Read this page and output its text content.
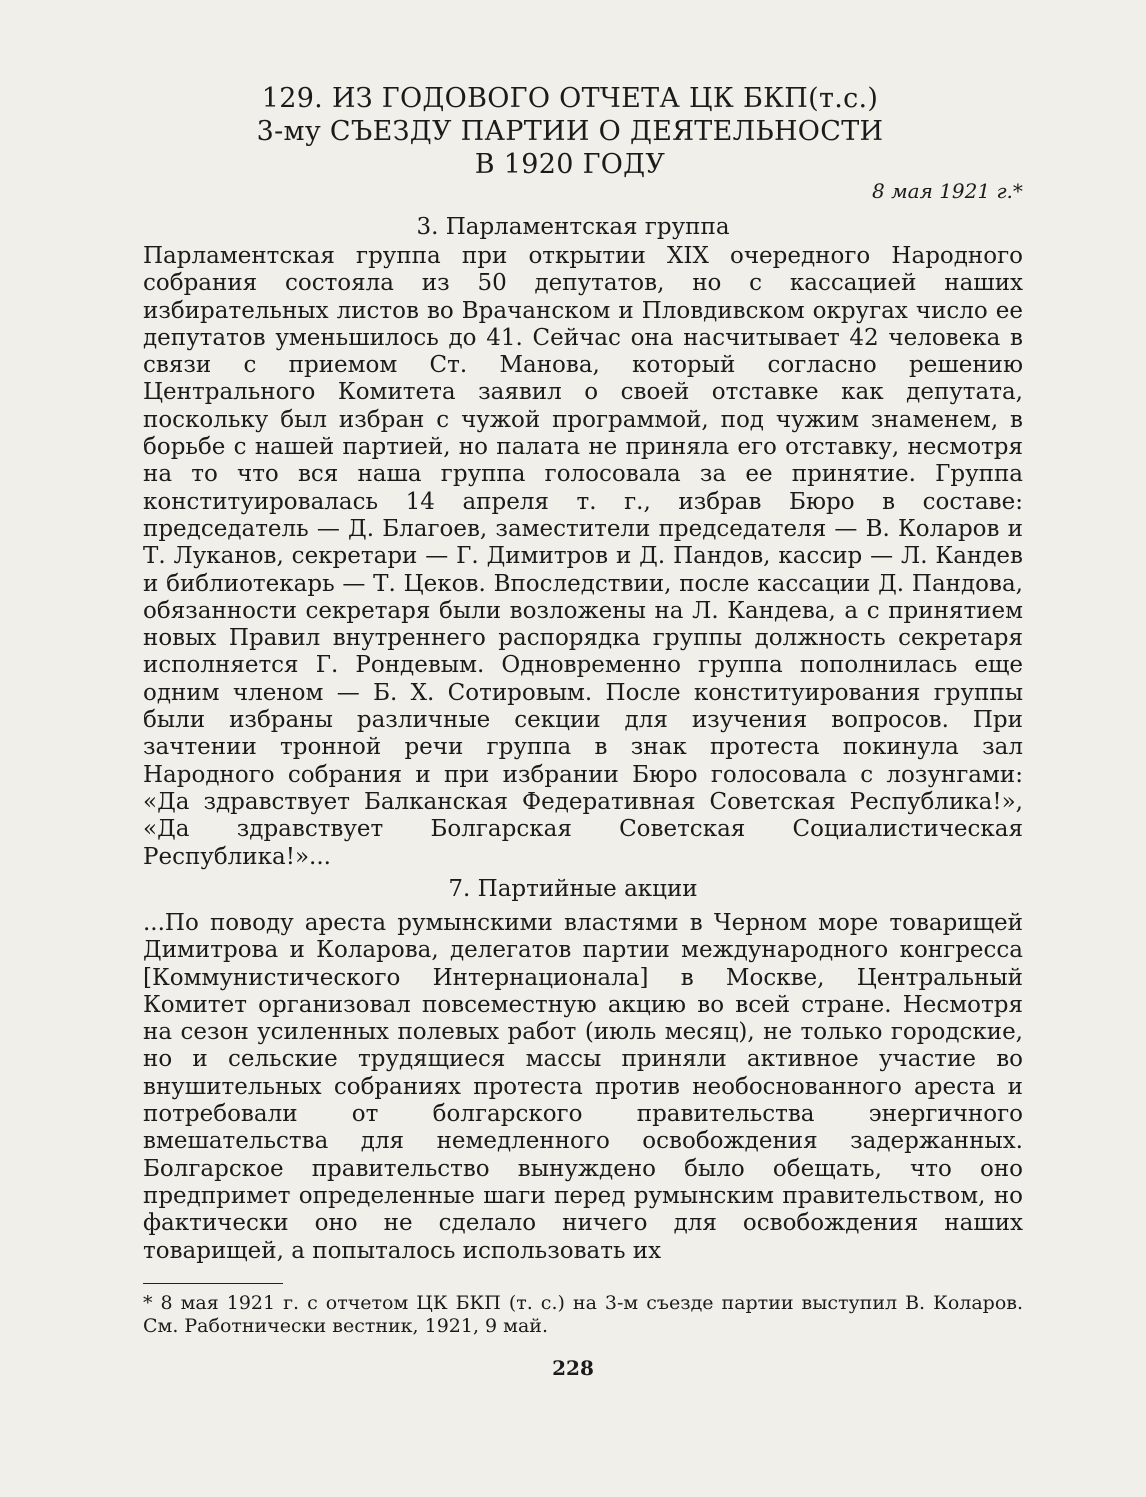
129. ИЗ ГОДОВОГО ОТЧЕТА ЦК БКП(т.с.)
3-му СЪЕЗДУ ПАРТИИ О ДЕЯТЕЛЬНОСТИ
В 1920 ГОДУ
8 мая 1921 г.*
3. Парламентская группа

Парламентская группа при открытии XIX очередного Народного собрания состояла из 50 депутатов, но с кассацией наших избирательных листов во Врачанском и Пловдивском округах число ее депутатов уменьшилось до 41. Сейчас она насчитывает 42 человека в связи с приемом Ст. Манова, который согласно решению Центрального Комитета заявил о своей отставке как депутата, поскольку был избран с чужой программой, под чужим знаменем, в борьбе с нашей партией, но палата не приняла его отставку, несмотря на то что вся наша группа голосовала за ее принятие. Группа конституировалась 14 апреля т. г., избрав Бюро в составе: председатель — Д. Благоев, заместители председателя — В. Коларов и Т. Луканов, секретари — Г. Димитров и Д. Пандов, кассир — Л. Кандев и библиотекарь — Т. Цеков. Впоследствии, после кассации Д. Пандова, обязанности секретаря были возложены на Л. Кандева, а с принятием новых Правил внутреннего распорядка группы должность секретаря исполняется Г. Рондевым. Одновременно группа пополнилась еще одним членом — Б. Х. Сотировым. После конституирования группы были избраны различные секции для изучения вопросов. При зачтении тронной речи группа в знак протеста покинула зал Народного собрания и при избрании Бюро голосовала с лозунгами: «Да здравствует Балканская Федеративная Советская Республика!», «Да здравствует Болгарская Советская Социалистическая Республика!»...

7. Партийные акции

...По поводу ареста румынскими властями в Черном море товарищей Димитрова и Коларова, делегатов партии международного конгресса [Коммунистического Интернационала] в Москве, Центральный Комитет организовал повсеместную акцию во всей стране. Несмотря на сезон усиленных полевых работ (июль месяц), не только городские, но и сельские трудящиеся массы приняли активное участие во внушительных собраниях протеста против необоснованного ареста и потребовали от болгарского правительства энергичного вмешательства для немедленного освобождения задержанных. Болгарское правительство вынуждено было обещать, что оно предпримет определенные шаги перед румынским правительством, но фактически оно не сделало ничего для освобождения наших товарищей, а попыталось использовать их

* 8 мая 1921 г. с отчетом ЦК БКП (т. с.) на 3-м съезде партии выступил В. Коларов. См. Работнически вестник, 1921, 9 май.
228
